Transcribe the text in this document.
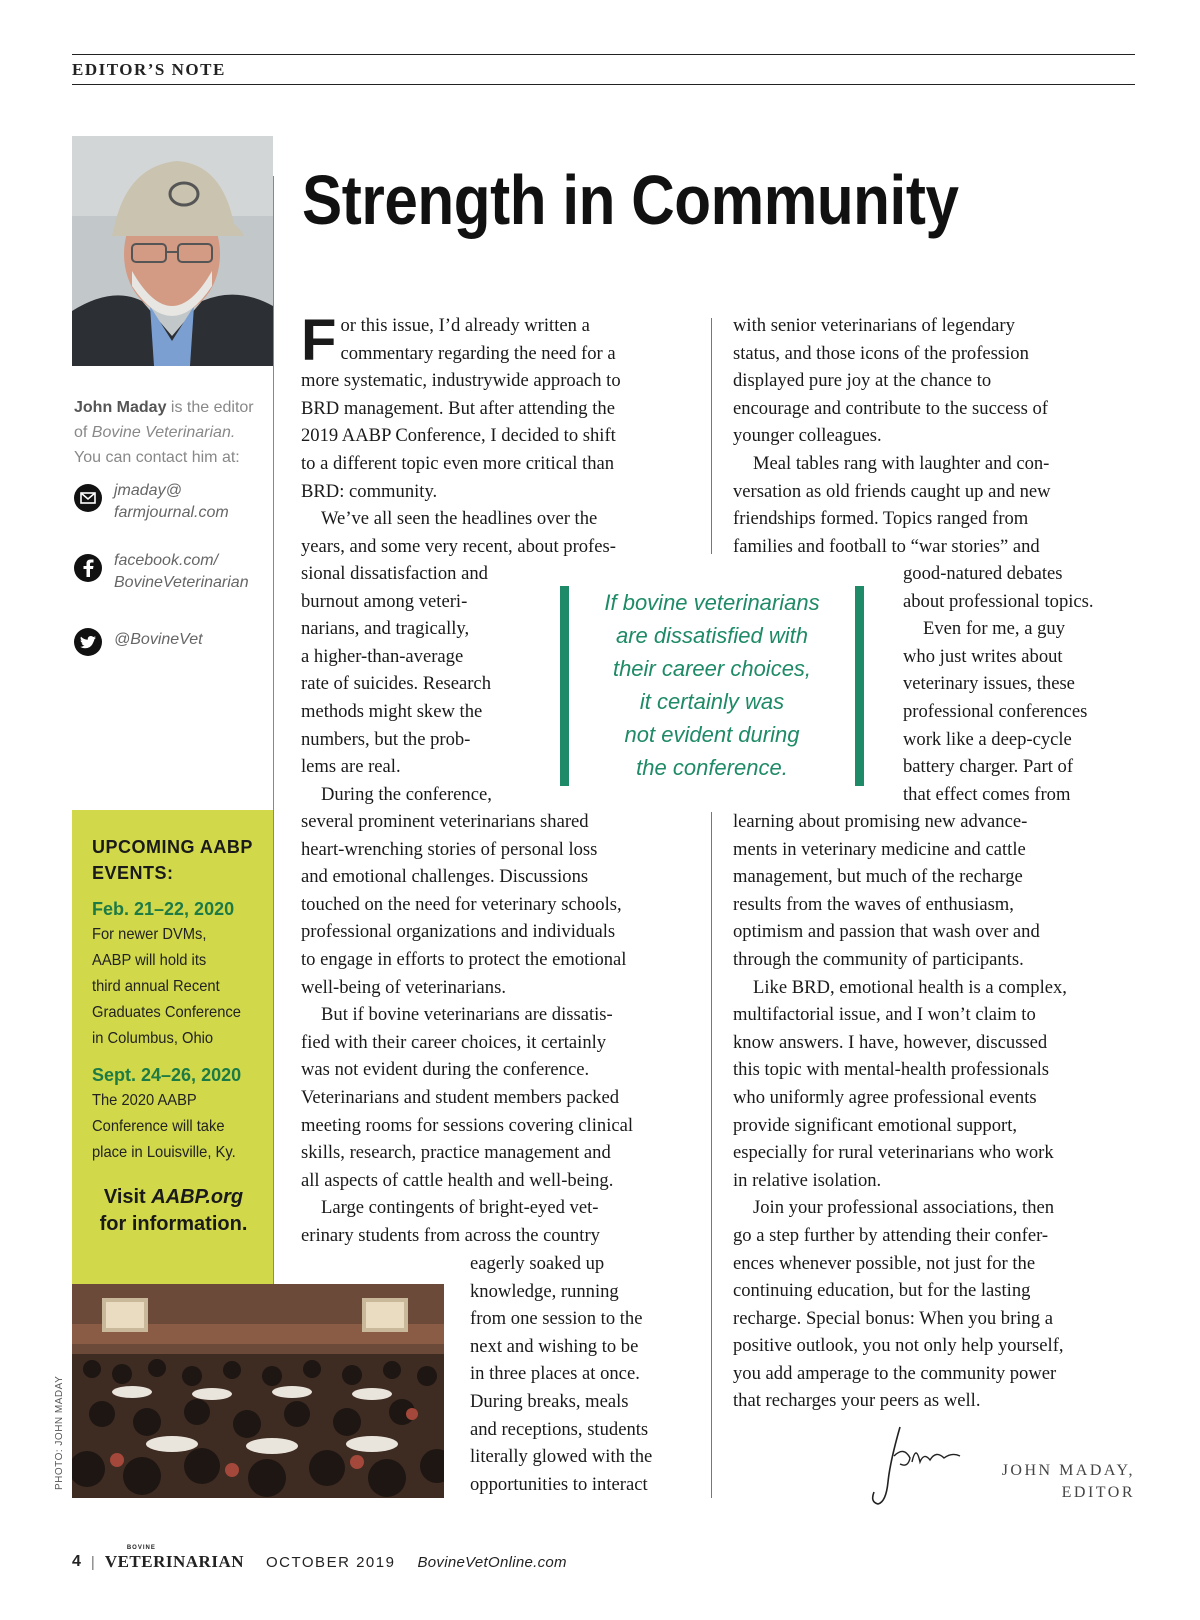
EDITOR’S NOTE
John Maday is the editor
of Bovine Veterinarian.
You can contact him at:
jmaday@
farmjournal.com
facebook.com/
BovineVeterinarian
@BovineVet
UPCOMING AABP
EVENTS:
Feb. 21–22, 2020
For newer DVMs,
AABP will hold its
third annual Recent
Graduates Conference
in Columbus, Ohio
Sept. 24–26, 2020
The 2020 AABP
Conference will take
place in Louisville, Ky.
Visit AABP.org
for information.
PHOTO: JOHN MADAY
Strength in Community
F or this issue, I’d already written a
commentary regarding the need for a
more systematic, industrywide approach to
BRD management. But after attending the
2019 AABP Conference, I decided to shift
to a different topic even more critical than
BRD: community.
We’ve all seen the headlines over the
years, and some very recent, about profes-
sional dissatisfaction and
burnout among veteri-
narians, and tragically,
a higher-than-average
rate of suicides. Research
methods might skew the
numbers, but the prob-
lems are real.
During the conference,
several prominent veterinarians shared
heart-wrenching stories of personal loss
and emotional challenges. Discussions
touched on the need for veterinary schools,
professional organizations and individuals
to engage in efforts to protect the emotional
well-being of veterinarians.
But if bovine veterinarians are dissatis-
fied with their career choices, it certainly
was not evident during the conference.
Veterinarians and student members packed
meeting rooms for sessions covering clinical
skills, research, practice management and
all aspects of cattle health and well-being.
Large contingents of bright-eyed vet-
erinary students from across the country
eagerly soaked up
knowledge, running
from one session to the
next and wishing to be
in three places at once.
During breaks, meals
and receptions, students
literally glowed with the
opportunities to interact
If bovine veterinarians
are dissatisfied with
their career choices,
it certainly was
not evident during
the conference.
with senior veterinarians of legendary
status, and those icons of the profession
displayed pure joy at the chance to
encourage and contribute to the success of
younger colleagues.
Meal tables rang with laughter and con-
versation as old friends caught up and new
friendships formed. Topics ranged from
families and football to “war stories” and
good-natured debates
about professional topics.
Even for me, a guy
who just writes about
veterinary issues, these
professional conferences
work like a deep-cycle
battery charger. Part of
that effect comes from
learning about promising new advance-
ments in veterinary medicine and cattle
management, but much of the recharge
results from the waves of enthusiasm,
optimism and passion that wash over and
through the community of participants.
Like BRD, emotional health is a complex,
multifactorial issue, and I won’t claim to
know answers. I have, however, discussed
this topic with mental-health professionals
who uniformly agree professional events
provide significant emotional support,
especially for rural veterinarians who work
in relative isolation.
Join your professional associations, then
go a step further by attending their confer-
ences whenever possible, not just for the
continuing education, but for the lasting
recharge. Special bonus: When you bring a
positive outlook, you not only help yourself,
you add amperage to the community power
that recharges your peers as well.
JOHN MADAY,
EDITOR
4 |
BOVINE
VETERINARIAN OCTOBER 2019 BovineVetOnline.com
